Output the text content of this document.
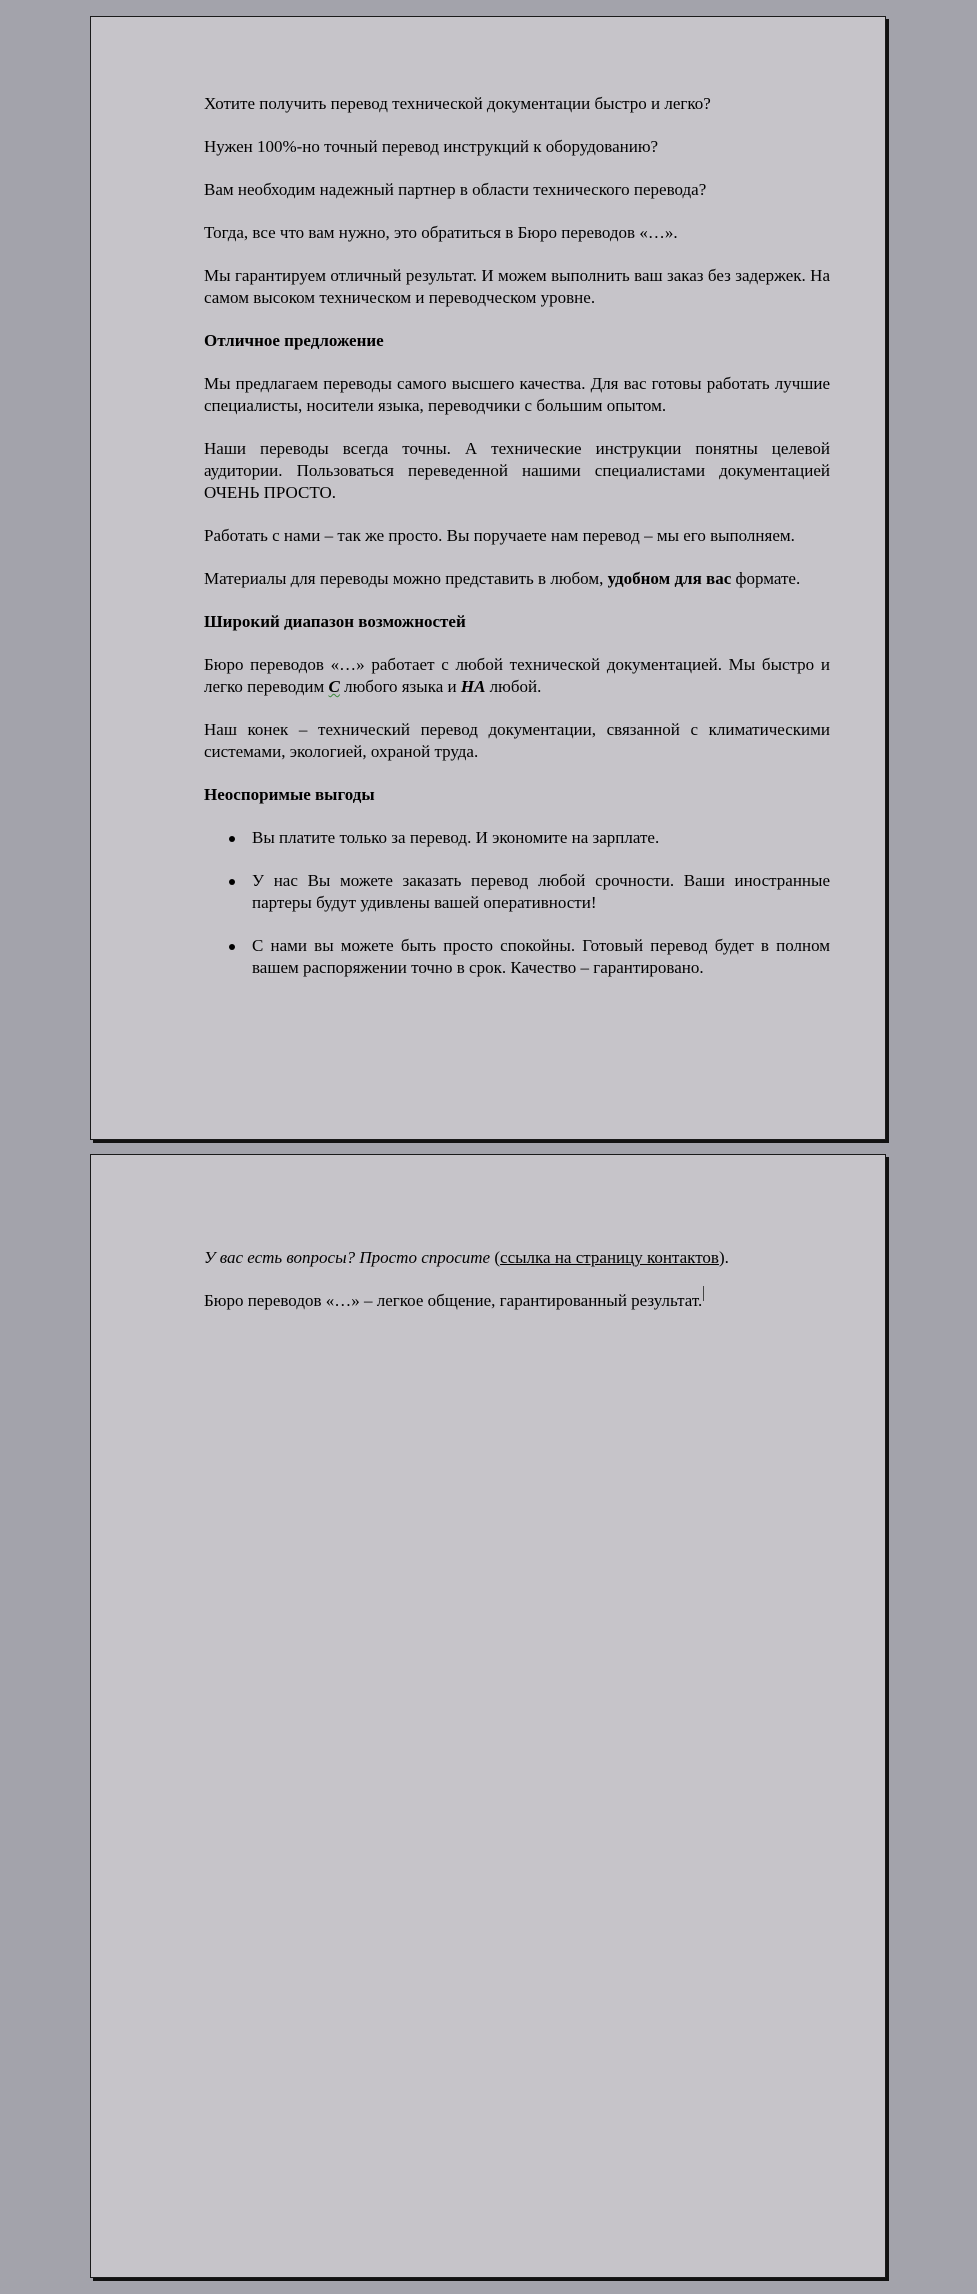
Хотите получить перевод технической документации быстро и легко?

Нужен 100%-но точный перевод инструкций к оборудованию?

Вам необходим надежный партнер в области технического перевода?

Тогда, все что вам нужно, это обратиться в Бюро переводов «…».

Мы гарантируем отличный результат. И можем выполнить ваш заказ без задержек. На самом высоком техническом и переводческом уровне.

Отличное предложение

Мы предлагаем переводы самого высшего качества. Для вас готовы работать лучшие специалисты, носители языка, переводчики с большим опытом.

Наши переводы всегда точны. А технические инструкции понятны целевой аудитории. Пользоваться переведенной нашими специалистами документацией ОЧЕНЬ ПРОСТО.

Работать с нами – так же просто. Вы поручаете нам перевод – мы его выполняем.

Материалы для переводы можно представить в любом, удобном для вас формате.

Широкий диапазон возможностей

Бюро переводов «…» работает с любой технической документацией. Мы быстро и легко переводим С любого языка и НА любой.

Наш конек – технический перевод документации, связанной с климатическими системами, экологией, охраной труда.

Неоспоримые выгоды
Вы платите только за перевод. И экономите на зарплате.
У нас Вы можете заказать перевод любой срочности. Ваши иностранные партеры будут удивлены вашей оперативности!
С нами вы можете быть просто спокойны. Готовый перевод будет в полном вашем распоряжении точно в срок. Качество – гарантировано.

У вас есть вопросы? Просто спросите (ссылка на страницу контактов).

Бюро переводов «…» – легкое общение, гарантированный результат.
